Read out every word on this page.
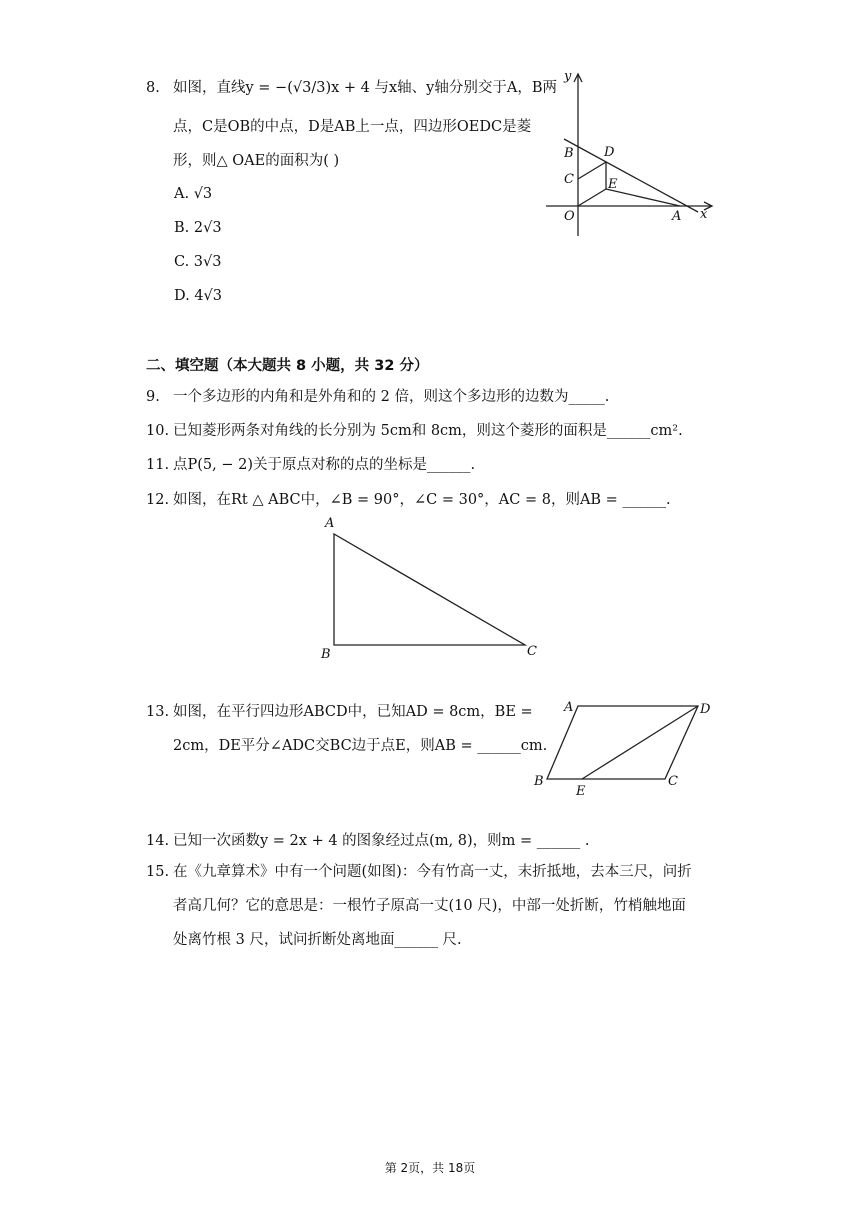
8. 如图，直线y = −(√3/3)x + 4 与x轴、y轴分别交于A，B两
点，C是OB的中点，D是AB上一点，四边形OEDC是菱
形，则△ OAE的面积为( )
A. √3
B. 2√3
C. 3√3
D. 4√3
y
x
B
C
D
E
O	A
二、填空题（本大题共 8 小题，共 32 分）
9. 一个多边形的内角和是外角和的 2 倍，则这个多边形的边数为_____.
10. 已知菱形两条对角线的长分别为 5cm和 8cm，则这个菱形的面积是______cm².
11. 点P(5, − 2)关于原点对称的点的坐标是______.
12. 如图，在Rt △ ABC中，∠B = 90°，∠C = 30°，AC = 8，则AB = ______.
A
B	C
13. 如图，在平行四边形ABCD中，已知AD = 8cm，BE =
2cm，DE平分∠ADC交BC边于点E，则AB = ______cm.
A	D
B	C
E
14. 已知一次函数y = 2x + 4 的图象经过点(m, 8)，则m = ______ .
15. 在《九章算术》中有一个问题(如图)：今有竹高一丈，末折抵地，去本三尺，问折
者高几何？它的意思是：一根竹子原高一丈(10 尺)，中部一处折断，竹梢触地面
处离竹根 3 尺，试问折断处离地面______ 尺.
第 2页，共 18页
